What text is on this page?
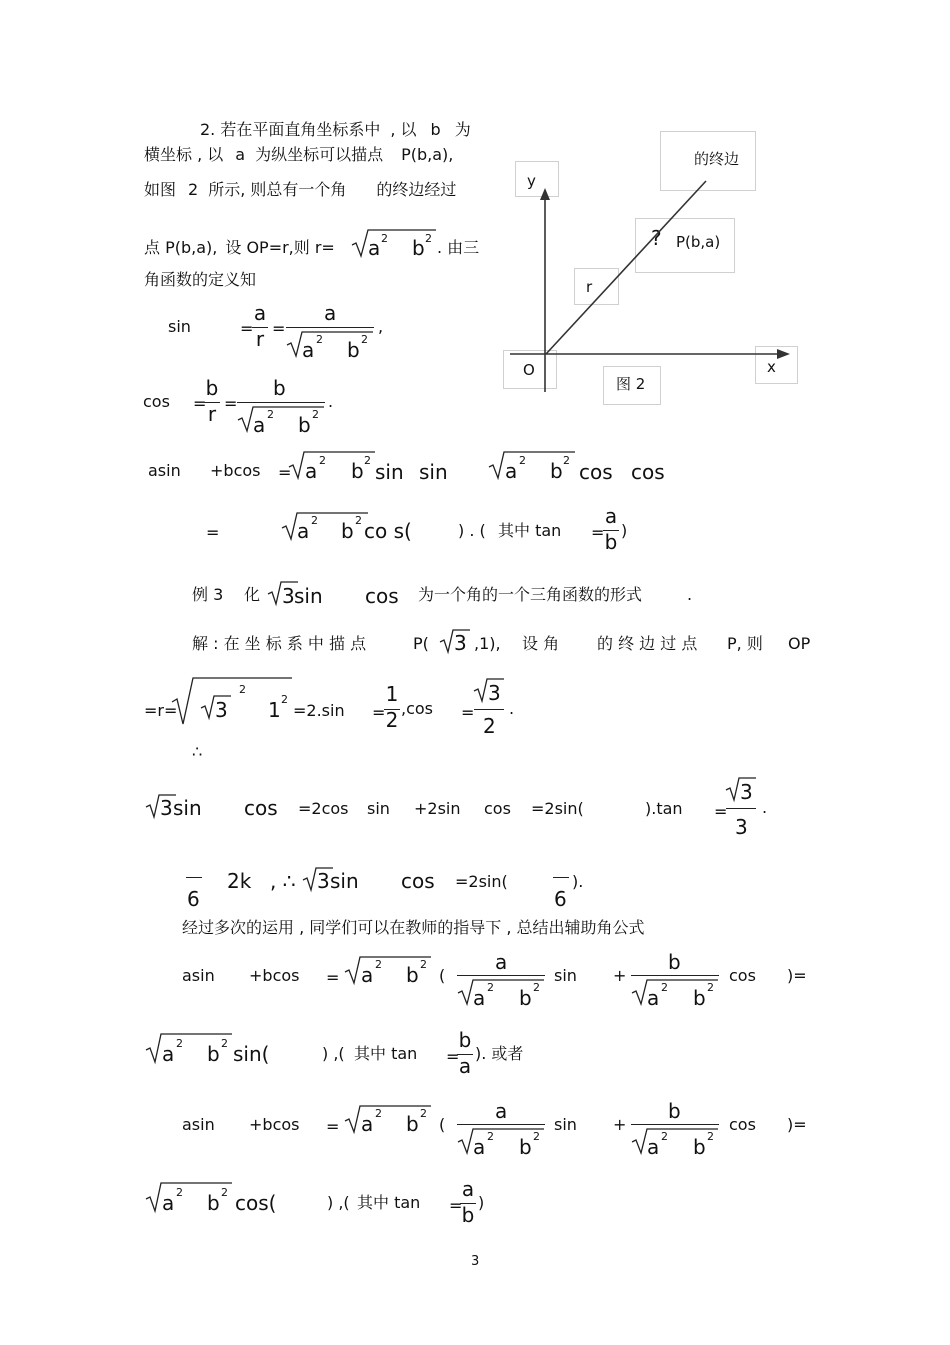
2. 若在平面直角坐标系中 , 以 b 为
横坐标 , 以 a 为纵坐标可以描点 P(b,a),
如图 2 所示, 则总有一个角 的终边经过
点 P(b,a), 设 OP=r,则 r= a 2 b 2 . 由三
角函数的定义知
的终边
y
? P(b,a)
r
O
图 2
x
sin	=
a
r =
a
a 2 b 2
,
cos =
b
r =
b
a 2 b 2
.
asin +bcos = a 2 b 2 sin sin	a 2 b 2 cos cos
=	a 2 b 2 co s(	) . ( 其中 tan =
a
b )
例 3 化 3 sin cos 为一个角的一个三角函数的形式	.
解 : 在 坐 标 系 中 描 点	P( 3 ,1), 设 角 的 终 边 过 点 P, 则 OP
=r= 3
2
1 2
=2.sin =
1
2 ,cos =
3
2
.
∴
3 sin cos =2cos sin +2sin cos =2sin(	).tan =
3
3
.
6
2k , ∴ 3 sin cos =2sin(
6
).
经过多次的运用 , 同学们可以在教师的指导下 , 总结出辅助角公式
asin +bcos = a 2 b 2
(
a
a 2 b 2
sin +
b
a 2 b 2
cos )=
a 2 b 2 sin(	) ,( 其中 tan =
b
a
). 或者
asin +bcos = a 2 b 2
(
a
a 2 b 2
sin +
b
a 2 b 2
cos )=
a 2 b 2 cos(	) ,( 其中 tan =
a
b
)
3
